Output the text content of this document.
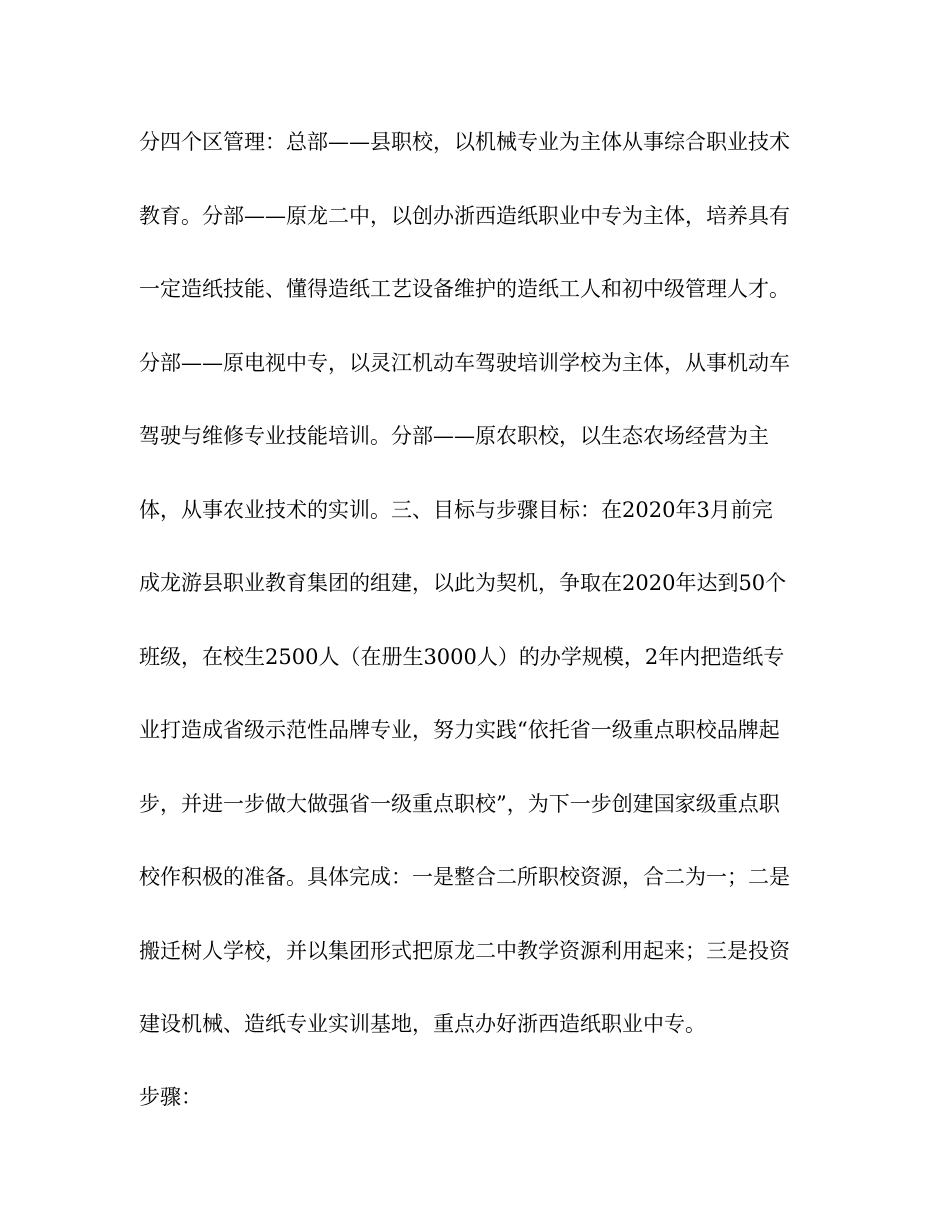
分四个区管理：总部——县职校，以机械专业为主体从事综合职业技术
教育。分部——原龙二中，以创办浙西造纸职业中专为主体，培养具有
一定造纸技能、懂得造纸工艺设备维护的造纸工人和初中级管理人才。
分部——原电视中专，以灵江机动车驾驶培训学校为主体，从事机动车
驾驶与维修专业技能培训。分部——原农职校，以生态农场经营为主
体，从事农业技术的实训。三、目标与步骤目标：在2020年3月前完
成龙游县职业教育集团的组建，以此为契机，争取在2020年达到50个
班级，在校生2500人（在册生3000人）的办学规模，2年内把造纸专
业打造成省级示范性品牌专业，努力实践“依托省一级重点职校品牌起
步，并进一步做大做强省一级重点职校”，为下一步创建国家级重点职
校作积极的准备。具体完成：一是整合二所职校资源，合二为一；二是
搬迁树人学校，并以集团形式把原龙二中教学资源利用起来；三是投资
建设机械、造纸专业实训基地，重点办好浙西造纸职业中专。
步骤：
